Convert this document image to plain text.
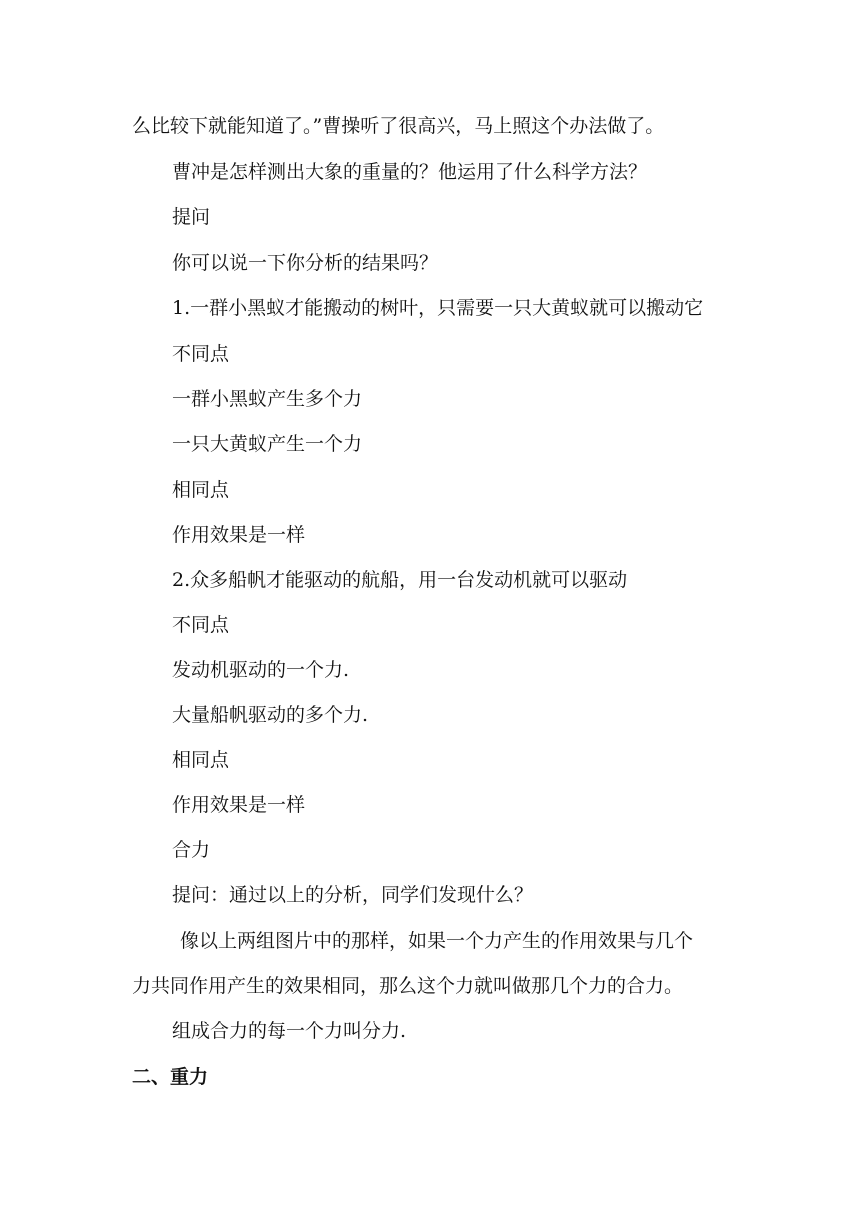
么比较下就能知道了。”曹操听了很高兴，马上照这个办法做了。
曹冲是怎样测出大象的重量的？他运用了什么科学方法？
提问
你可以说一下你分析的结果吗？
1.一群小黑蚁才能搬动的树叶，只需要一只大黄蚁就可以搬动它
不同点
一群小黑蚁产生多个力
一只大黄蚁产生一个力
相同点
作用效果是一样
2.众多船帆才能驱动的航船，用一台发动机就可以驱动
不同点
发动机驱动的一个力.
大量船帆驱动的多个力.
相同点
作用效果是一样
合力
提问：通过以上的分析，同学们发现什么？
像以上两组图片中的那样，如果一个力产生的作用效果与几个
力共同作用产生的效果相同，那么这个力就叫做那几个力的合力。
组成合力的每一个力叫分力.
二、重力
